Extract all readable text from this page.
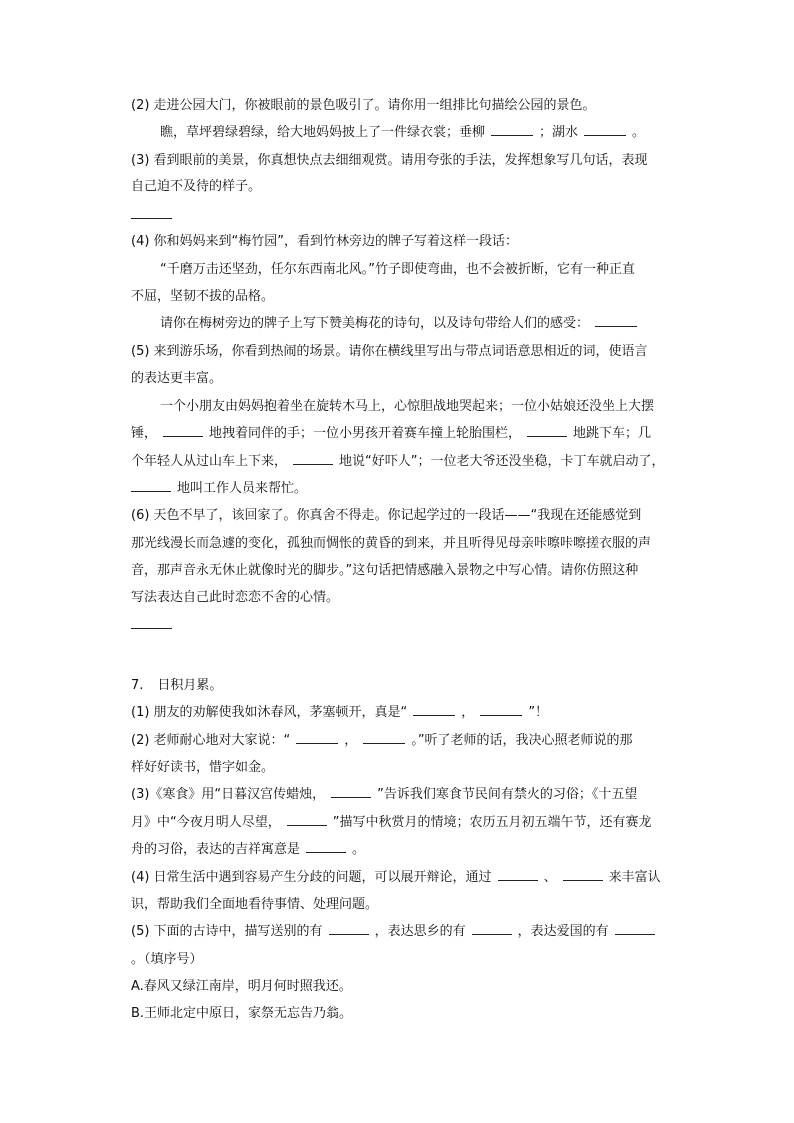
(2) 走进公园大门，你被眼前的景色吸引了。请你用一组排比句描绘公园的景色。
瞧，草坪碧绿碧绿，给大地妈妈披上了一件绿衣裳；垂柳	；湖水	。
(3) 看到眼前的美景，你真想快点去细细观赏。请用夸张的手法，发挥想象写几句话，表现
自己迫不及待的样子。
(4) 你和妈妈来到“梅竹园”，看到竹林旁边的牌子写着这样一段话：
“千磨万击还坚劲，任尔东西南北风。”竹子即使弯曲，也不会被折断，它有一种正直
不屈，坚韧不拔的品格。
请你在梅树旁边的牌子上写下赞美梅花的诗句，以及诗句带给人们的感受：
(5) 来到游乐场，你看到热闹的场景。请你在横线里写出与带点词语意思相近的词，使语言
的表达更丰富。
一个小朋友由妈妈抱着坐在旋转木马上，心惊胆战地哭起来；一位小姑娘还没坐上大摆
锤，	地拽着同伴的手；一位小男孩开着赛车撞上轮胎围栏，	地跳下车；几
个年轻人从过山车上下来，	地说“好吓人”；一位老大爷还没坐稳，卡丁车就启动了，
地叫工作人员来帮忙。
(6) 天色不早了，该回家了。你真舍不得走。你记起学过的一段话——“我现在还能感觉到
那光线漫长而急遽的变化，孤独而惆怅的黄昏的到来，并且听得见母亲咔嚓咔嚓搓衣服的声
音，那声音永无休止就像时光的脚步。”这句话把情感融入景物之中写心情。请你仿照这种
写法表达自己此时恋恋不舍的心情。
7. 日积月累。
(1) 朋友的劝解使我如沐春风，茅塞顿开，真是“	，	”！
(2) 老师耐心地对大家说：“	，	。”听了老师的话，我决心照老师说的那
样好好读书，惜字如金。
(3)《寒食》用“日暮汉宫传蜡烛，	”告诉我们寒食节民间有禁火的习俗；《十五望
月》中“今夜月明人尽望，	”描写中秋赏月的情境；农历五月初五端午节，还有赛龙
舟的习俗，表达的吉祥寓意是	。
(4) 日常生活中遇到容易产生分歧的问题，可以展开辩论，通过	、	来丰富认
识，帮助我们全面地看待事情、处理问题。
(5) 下面的古诗中，描写送别的有	，表达思乡的有	，表达爱国的有
。（填序号）
A.春风又绿江南岸，明月何时照我还。
B.王师北定中原日，家祭无忘告乃翁。
